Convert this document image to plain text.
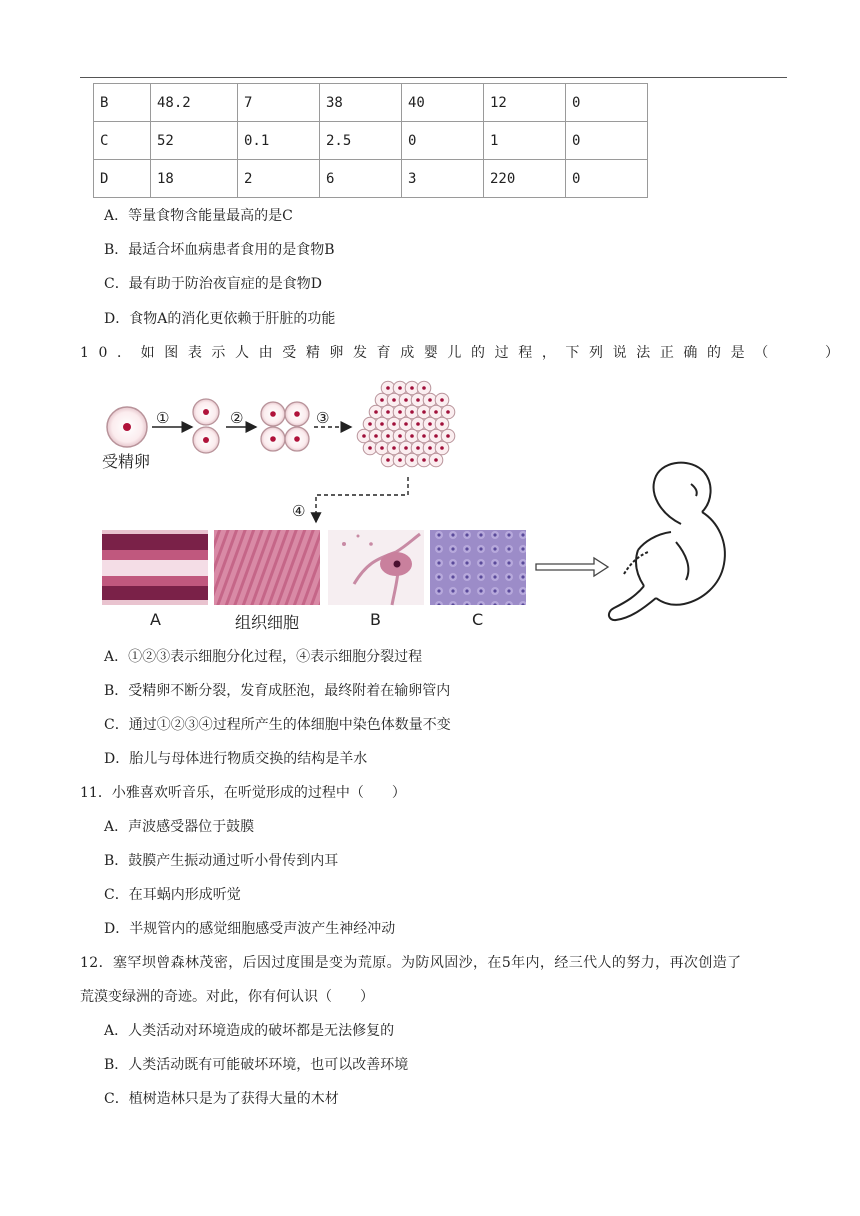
B	48.2	7	38	40	12	0
C	52	0.1	2.5	0	1	0
D	18	2	6	3	220	0
A．等量食物含能量最高的是C
B．最适合坏血病患者食用的是食物B
C．最有助于防治夜盲症的是食物D
D．食物A的消化更依赖于肝脏的功能
10．如图表示人由受精卵发育成婴儿的过程，下列说法正确的是（　　）
①	②	③
④
受精卵
A	组织细胞	B	C
A．①②③表示细胞分化过程，④表示细胞分裂过程
B．受精卵不断分裂，发育成胚泡，最终附着在输卵管内
C．通过①②③④过程所产生的体细胞中染色体数量不变
D．胎儿与母体进行物质交换的结构是羊水
11．小雅喜欢听音乐，在听觉形成的过程中（　　）
A．声波感受器位于鼓膜
B．鼓膜产生振动通过听小骨传到内耳
C．在耳蜗内形成听觉
D．半规管内的感觉细胞感受声波产生神经冲动
12．塞罕坝曾森林茂密，后因过度围是变为荒原。为防风固沙，在5年内，经三代人的努力，再次创造了
荒漠变绿洲的奇迹。对此，你有何认识（　　）
A．人类活动对环境造成的破坏都是无法修复的
B．人类活动既有可能破坏环境，也可以改善环境
C．植树造林只是为了获得大量的木材
